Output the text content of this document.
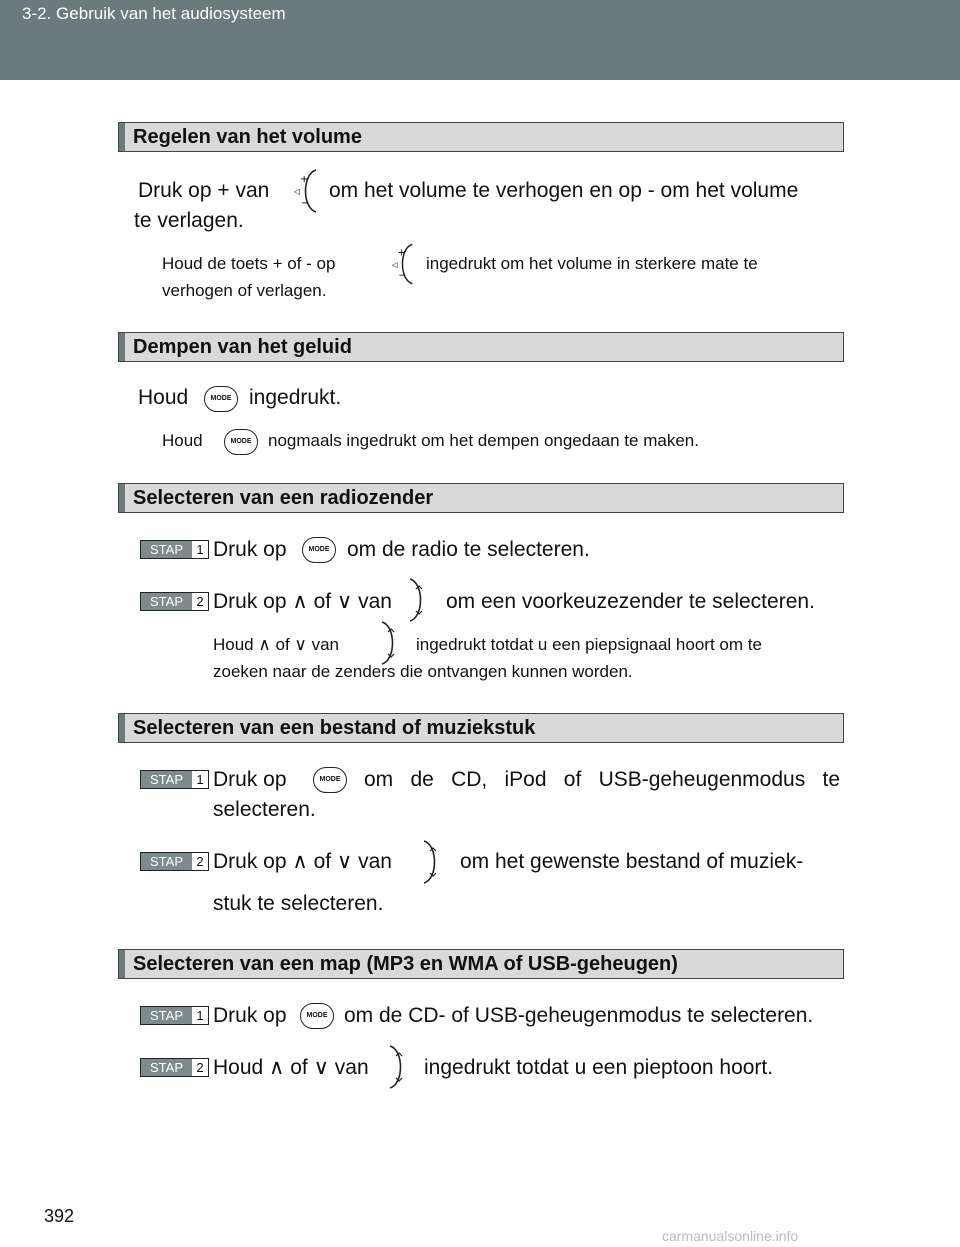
3-2. Gebruik van het audiosysteem
Regelen van het volume
Druk op + van	+
◁
−
om het volume te verhogen en op - om het volume
te verlagen.
Houd de toets + of - op
+
◁
−
ingedrukt om het volume in sterkere mate te
verhogen of verlagen.
Dempen van het geluid
Houd	MODE ingedrukt.
Houd	MODE nogmaals ingedrukt om het dempen ongedaan te maken.
Selecteren van een radiozender
STAP	1 Druk op	MODE om de radio te selecteren.
STAP	2 Druk op ∧ of ∨ van	om een voorkeuzezender te selecteren.
Houd ∧ of ∨ van	ingedrukt totdat u een piepsignaal hoort om te
zoeken naar de zenders die ontvangen kunnen worden.
Selecteren van een bestand of muziekstuk
STAP	1 Druk op	MODE	om de CD, iPod of USB-geheugenmodus te
selecteren.
STAP	2 Druk op ∧ of ∨ van	om het gewenste bestand of muziek-
stuk te selecteren.
Selecteren van een map (MP3 en WMA of USB-geheugen)
STAP	1 Druk op	MODE om de CD- of USB-geheugenmodus te selecteren.
STAP	2 Houd ∧ of ∨ van	ingedrukt totdat u een pieptoon hoort.
392
carmanualsonline.info
